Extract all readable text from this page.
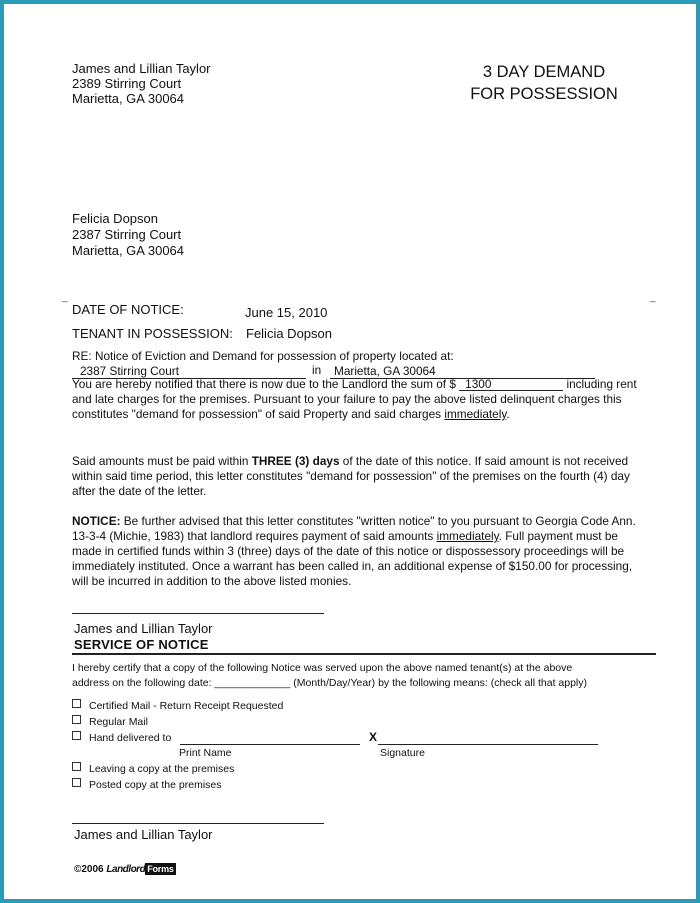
James and Lillian Taylor
2389 Stirring Court
Marietta, GA 30064
3 DAY DEMAND
FOR POSSESSION
Felicia Dopson
2387 Stirring Court
Marietta, GA 30064
_	_
DATE OF NOTICE:	June 15, 2010
TENANT IN POSSESSION: Felicia Dopson
RE: Notice of Eviction and Demand for possession of property located at:
2387 Stirring Court	in Marietta, GA 30064
You are hereby notified that there is now due to the Landlord the sum of $ 1300	including rent and late charges for the premises. Pursuant to your failure to pay the above listed delinquent charges this constitutes "demand for possession" of said Property and said charges immediately.
Said amounts must be paid within THREE (3) days of the date of this notice. If said amount is not received within said time period, this letter constitutes "demand for possession" of the premises on the fourth (4) day after the date of the letter.
NOTICE: Be further advised that this letter constitutes "written notice" to you pursuant to Georgia Code Ann. 13-3-4 (Michie, 1983) that landlord requires payment of said amounts immediately. Full payment must be made in certified funds within 3 (three) days of the date of this notice or dispossessory proceedings will be immediately instituted. Once a warrant has been called in, an additional expense of $150.00 for processing, will be incurred in addition to the above listed monies.
James and Lillian Taylor
SERVICE OF NOTICE
I hereby certify that a copy of the following Notice was served upon the above named tenant(s) at the above
address on the following date: _____________ (Month/Day/Year) by the following means: (check all that apply)
Certified Mail - Return Receipt Requested
Regular Mail
Hand delivered to	X
Print Name	Signature
Leaving a copy at the premises
Posted copy at the premises
James and Lillian Taylor
©2006 Landlord Forms
